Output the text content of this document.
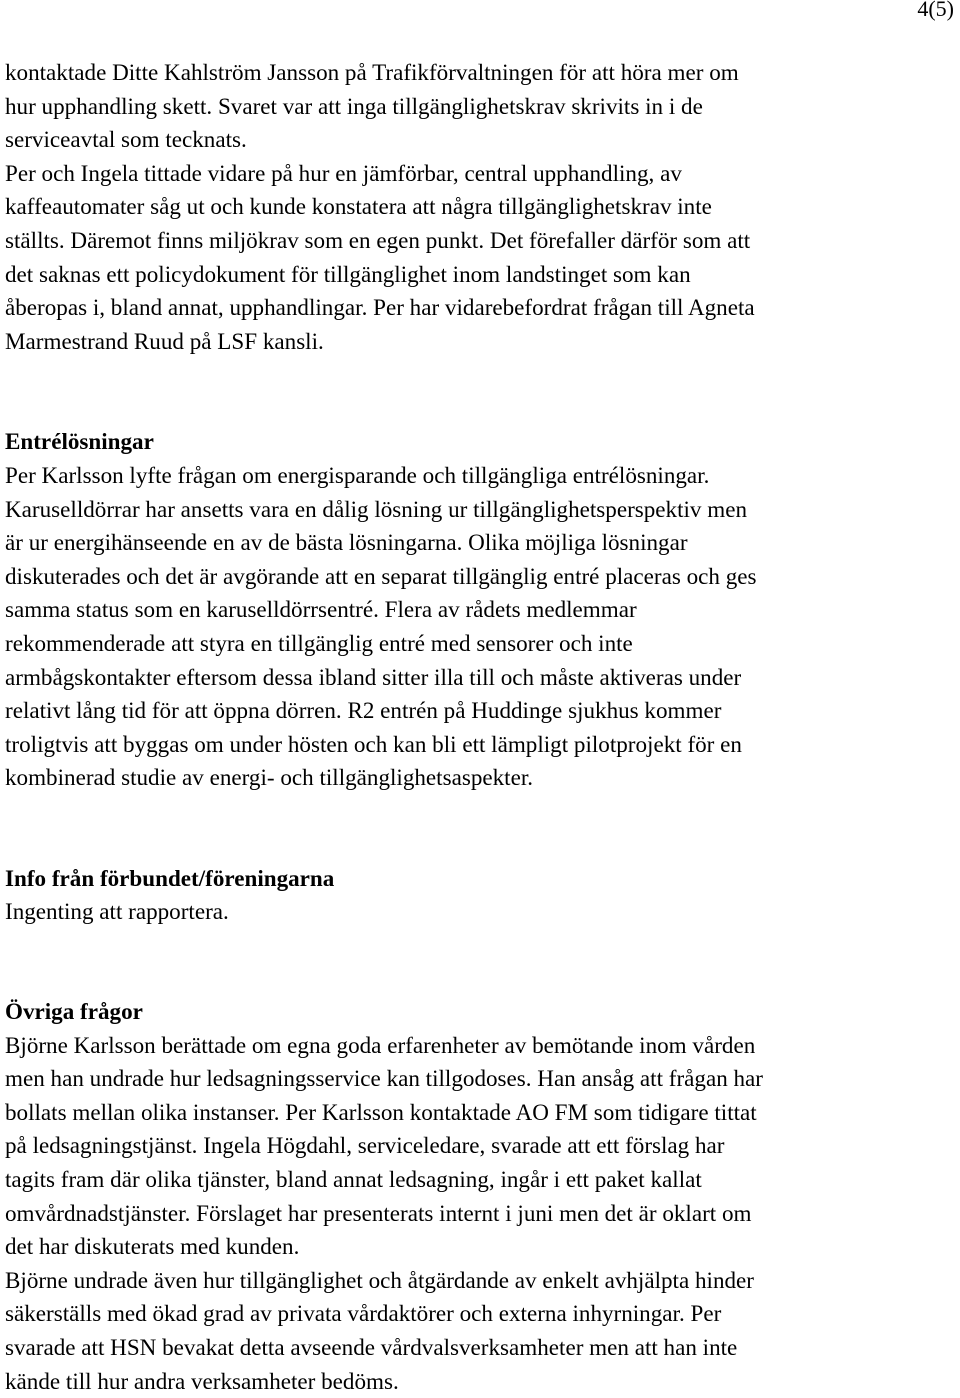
4(5)
kontaktade Ditte Kahlström Jansson på Trafikförvaltningen för att höra mer om
hur upphandling skett. Svaret var att inga tillgänglighetskrav skrivits in i de
serviceavtal som tecknats.
Per och Ingela tittade vidare på hur en jämförbar, central upphandling, av
kaffeautomater såg ut och kunde konstatera att några tillgänglighetskrav inte
ställts. Däremot finns miljökrav som en egen punkt. Det förefaller därför som att
det saknas ett policydokument för tillgänglighet inom landstinget som kan
åberopas i, bland annat, upphandlingar. Per har vidarebefordrat frågan till Agneta
Marmestrand Ruud på LSF kansli.
Entrélösningar
Per Karlsson lyfte frågan om energisparande och tillgängliga entrélösningar.
Karuselldörrar har ansetts vara en dålig lösning ur tillgänglighetsperspektiv men
är ur energihänseende en av de bästa lösningarna. Olika möjliga lösningar
diskuterades och det är avgörande att en separat tillgänglig entré placeras och ges
samma status som en karuselldörrsentré. Flera av rådets medlemmar
rekommenderade att styra en tillgänglig entré med sensorer och inte
armbågskontakter eftersom dessa ibland sitter illa till och måste aktiveras under
relativt lång tid för att öppna dörren. R2 entrén på Huddinge sjukhus kommer
troligtvis att byggas om under hösten och kan bli ett lämpligt pilotprojekt för en
kombinerad studie av energi- och tillgänglighetsaspekter.
Info från förbundet/föreningarna
Ingenting att rapportera.
Övriga frågor
Björne Karlsson berättade om egna goda erfarenheter av bemötande inom vården
men han undrade hur ledsagningsservice kan tillgodoses. Han ansåg att frågan har
bollats mellan olika instanser. Per Karlsson kontaktade AO FM som tidigare tittat
på ledsagningstjänst. Ingela Högdahl, serviceledare, svarade att ett förslag har
tagits fram där olika tjänster, bland annat ledsagning, ingår i ett paket kallat
omvårdnadstjänster. Förslaget har presenterats internt i juni men det är oklart om
det har diskuterats med kunden.
Björne undrade även hur tillgänglighet och åtgärdande av enkelt avhjälpta hinder
säkerställs med ökad grad av privata vårdaktörer och externa inhyrningar. Per
svarade att HSN bevakat detta avseende vårdvalsverksamheter men att han inte
kände till hur andra verksamheter bedöms.
